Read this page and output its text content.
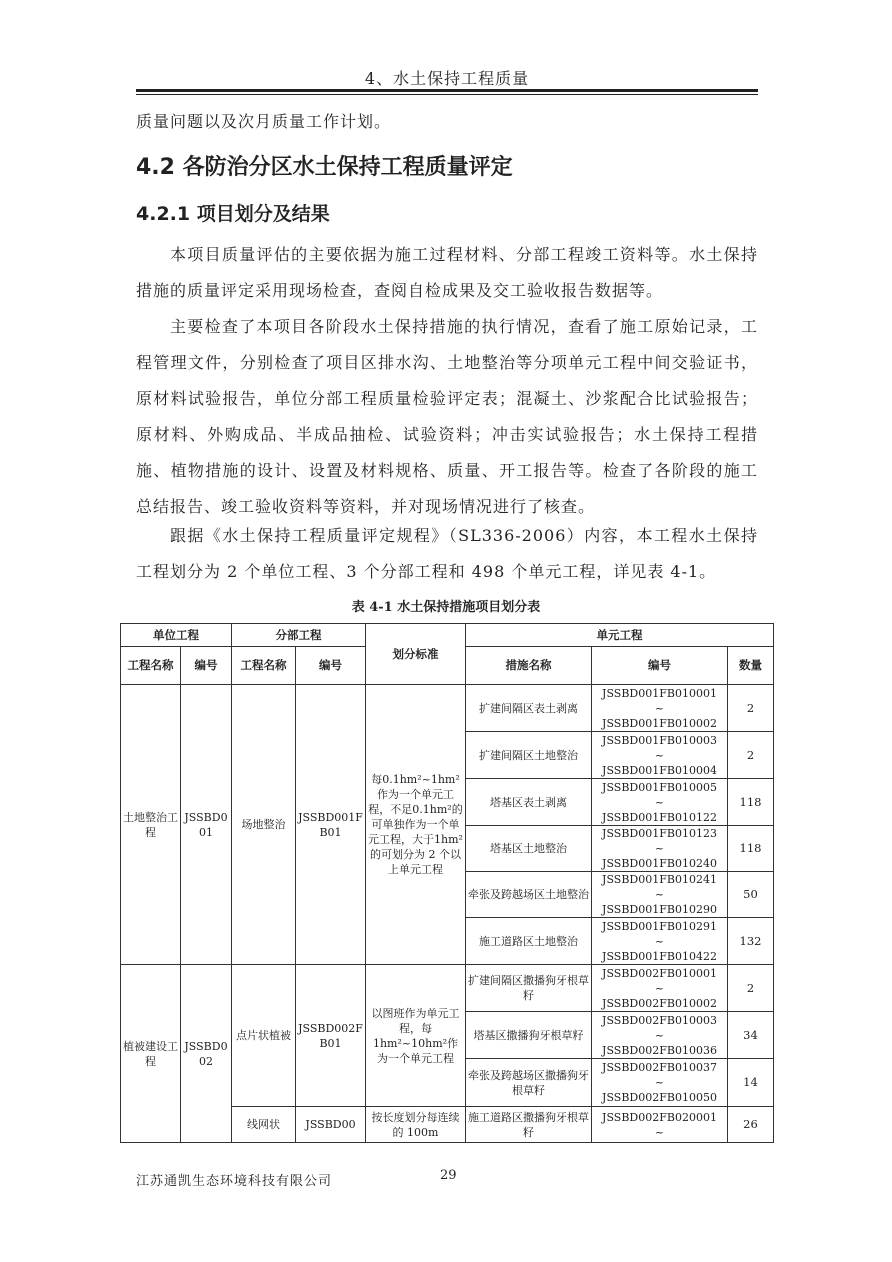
4、水土保持工程质量

质量问题以及次月质量工作计划。

4.2 各防治分区水土保持工程质量评定
4.2.1 项目划分及结果

本项目质量评估的主要依据为施工过程材料、分部工程竣工资料等。水土保持措施的质量评定采用现场检查，查阅自检成果及交工验收报告数据等。

主要检查了本项目各阶段水土保持措施的执行情况，查看了施工原始记录，工程管理文件，分别检查了项目区排水沟、土地整治等分项单元工程中间交验证书，原材料试验报告，单位分部工程质量检验评定表；混凝土、沙浆配合比试验报告；原材料、外购成品、半成品抽检、试验资料；冲击实试验报告；水土保持工程措施、植物措施的设计、设置及材料规格、质量、开工报告等。检查了各阶段的施工总结报告、竣工验收资料等资料，并对现场情况进行了核查。

跟据《水土保持工程质量评定规程》（SL336-2006）内容，本工程水土保持工程划分为 2 个单位工程、3 个分部工程和 498 个单元工程，详见表 4-1。

表 4-1 水土保持措施项目划分表
单位工程		分部工程		划分标准	单元工程		
工程名称	编号	工程名称	编号		措施名称	编号	数量
土地整治工程	JSSBD001	场地整治	JSSBD001FB01	每0.1hm²~1hm²作为一个单元工程，不足0.1hm²的可单独作为一个单元工程，大于1hm²的可划分为 2 个以上单元工程	扩建间隔区表土剥离	JSSBD001FB010001
~
JSSBD001FB010002	2
					扩建间隔区土地整治	JSSBD001FB010003
~
JSSBD001FB010004	2
					塔基区表土剥离	JSSBD001FB010005
~
JSSBD001FB010122	118
					塔基区土地整治	JSSBD001FB010123
~
JSSBD001FB010240	118
					牵张及跨越场区土地整治	JSSBD001FB010241
~
JSSBD001FB010290	50
					施工道路区土地整治	JSSBD001FB010291
~
JSSBD001FB010422	132
植被建设工程	JSSBD002	点片状植被	JSSBD002FB01	以图班作为单元工程，每1hm²~10hm²作为一个单元工程	扩建间隔区撒播狗牙根草籽	JSSBD002FB010001
~
JSSBD002FB010002	2
					塔基区撒播狗牙根草籽	JSSBD002FB010003
~
JSSBD002FB010036	34
					牵张及跨越场区撒播狗牙根草籽	JSSBD002FB010037
~
JSSBD002FB010050	14
		线网状	JSSBD00	按长度划分每连续的 100m	施工道路区撒播狗牙根草籽	JSSBD002FB020001
~	26
江苏通凯生态环境科技有限公司	29
